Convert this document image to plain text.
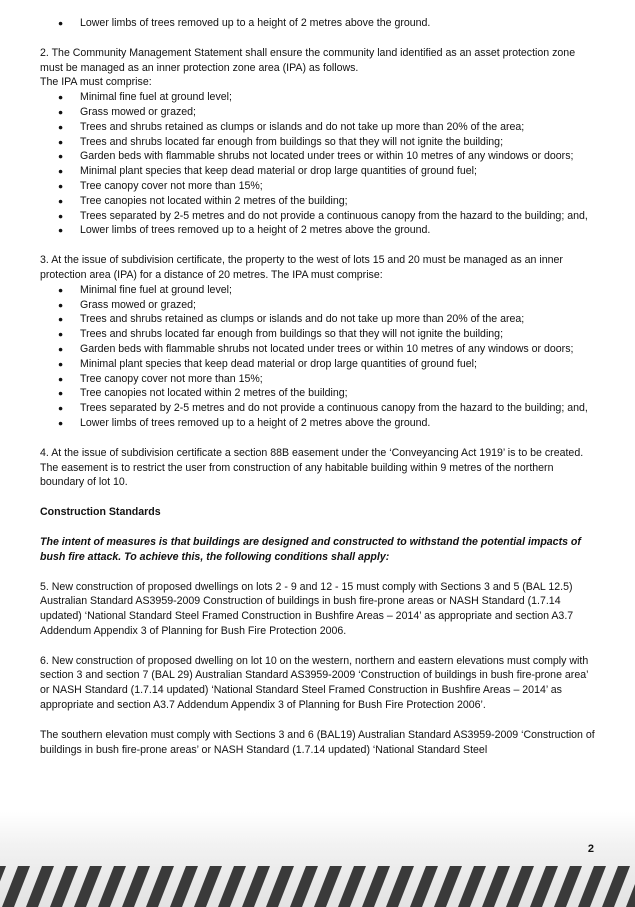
● Lower limbs of trees removed up to a height of 2 metres above the ground.

2. The Community Management Statement shall ensure the community land identified as an asset protection zone must be managed as an inner protection zone area (IPA) as follows.

The IPA must comprise:

● Minimal fine fuel at ground level;
● Grass mowed or grazed;
● Trees and shrubs retained as clumps or islands and do not take up more than 20% of the area;
● Trees and shrubs located far enough from buildings so that they will not ignite the building;
● Garden beds with flammable shrubs not located under trees or within 10 metres of any windows or doors;
● Minimal plant species that keep dead material or drop large quantities of ground fuel;
● Tree canopy cover not more than 15%;
● Tree canopies not located within 2 metres of the building;
● Trees separated by 2-5 metres and do not provide a continuous canopy from the hazard to the building; and,
● Lower limbs of trees removed up to a height of 2 metres above the ground.

3. At the issue of subdivision certificate, the property to the west of lots 15 and 20 must be managed as an inner protection area (IPA) for a distance of 20 metres. The IPA must comprise:

● Minimal fine fuel at ground level;
● Grass mowed or grazed;
● Trees and shrubs retained as clumps or islands and do not take up more than 20% of the area;
● Trees and shrubs located far enough from buildings so that they will not ignite the building;
● Garden beds with flammable shrubs not located under trees or within 10 metres of any windows or doors;
● Minimal plant species that keep dead material or drop large quantities of ground fuel;
● Tree canopy cover not more than 15%;
● Tree canopies not located within 2 metres of the building;
● Trees separated by 2-5 metres and do not provide a continuous canopy from the hazard to the building; and,
● Lower limbs of trees removed up to a height of 2 metres above the ground.

4. At the issue of subdivision certificate a section 88B easement under the ‘Conveyancing Act 1919’ is to be created. The easement is to restrict the user from construction of any habitable building within 9 metres of the northern boundary of lot 10.

Construction Standards

The intent of measures is that buildings are designed and constructed to withstand the potential impacts of bush fire attack. To achieve this, the following conditions shall apply:

5. New construction of proposed dwellings on lots 2 - 9 and 12 - 15 must comply with Sections 3 and 5 (BAL 12.5) Australian Standard AS3959-2009 Construction of buildings in bush fire-prone areas or NASH Standard (1.7.14 updated) ‘National Standard Steel Framed Construction in Bushfire Areas – 2014’ as appropriate and section A3.7 Addendum Appendix 3 of Planning for Bush Fire Protection 2006.

6. New construction of proposed dwelling on lot 10 on the western, northern and eastern elevations must comply with section 3 and section 7 (BAL 29) Australian Standard AS3959-2009 ‘Construction of buildings in bush fire-prone area’ or NASH Standard (1.7.14 updated) ‘National Standard Steel Framed Construction in Bushfire Areas – 2014’ as appropriate and section A3.7 Addendum Appendix 3 of Planning for Bush Fire Protection 2006’.

The southern elevation must comply with Sections 3 and 6 (BAL19) Australian Standard AS3959-2009 ‘Construction of buildings in bush fire-prone areas’ or NASH Standard (1.7.14 updated) ‘National Standard Steel

2
